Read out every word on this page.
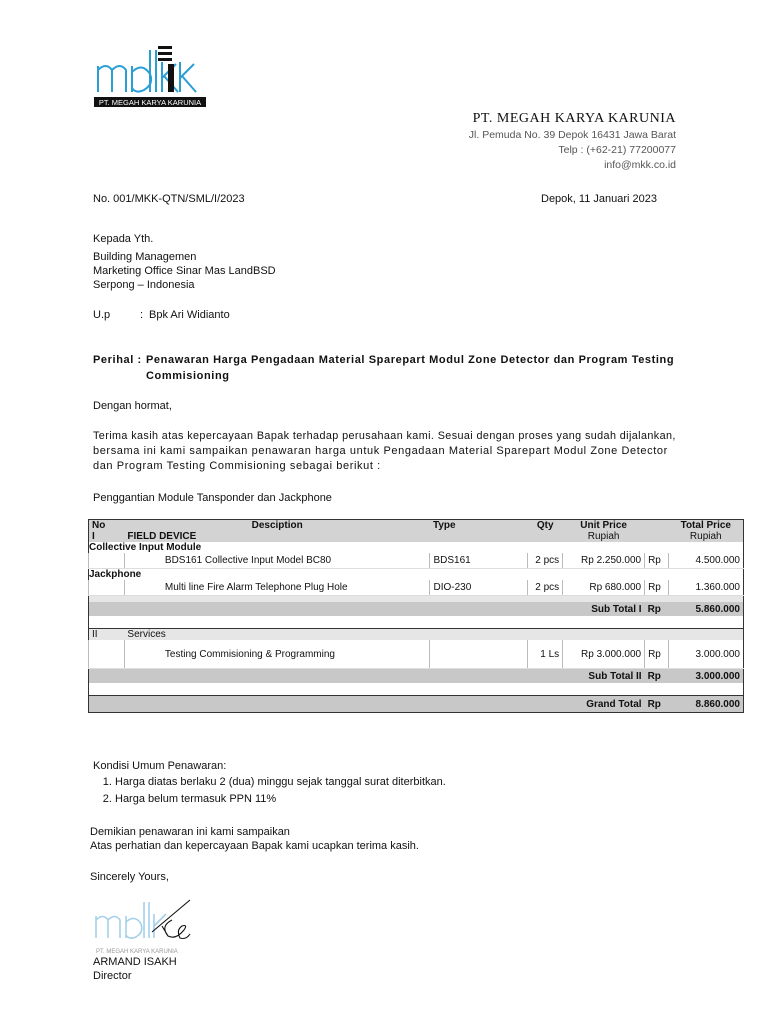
PT. MEGAH KARYA KARUNIA
PT. MEGAH KARYA KARUNIA
Jl. Pemuda No. 39 Depok 16431 Jawa Barat
Telp : (+62-21) 77200077
info@mkk.co.id
No. 001/MKK-QTN/SML/I/2023	Depok, 11 Januari 2023
Kepada Yth.
Building Managemen
Marketing Office Sinar Mas LandBSD
Serpong – Indonesia
U.p	: Bpk Ari Widianto
Perihal : Penawaran Harga Pengadaan Material Sparepart Modul Zone Detector dan Program Testing
Commisioning
Dengan hormat,
Terima kasih atas kepercayaan Bapak terhadap perusahaan kami. Sesuai dengan proses yang sudah dijalankan,
bersama ini kami sampaikan penawaran harga untuk Pengadaan Material Sparepart Modul Zone Detector
dan Program Testing Commisioning sebagai berikut :
Penggantian Module Tansponder dan Jackphone
No	Desciption	Type	Qty	Unit Price		Total Price
I	FIELD DEVICE			Rupiah		Rupiah
Collective Input Module						
	BDS161 Collective Input Model BC80	BDS161	2 pcs	Rp 2.250.000	Rp	4.500.000
Jackphone						
	Multi line Fire Alarm Telephone Plug Hole	DIO-230	2 pcs	Rp 680.000	Rp	1.360.000

				Sub Total I	Rp	5.860.000

II	Services					
	Testing Commisioning & Programming		1 Ls	Rp 3.000.000	Rp	3.000.000
				Sub Total II	Rp	3.000.000

				Grand Total	Rp	8.860.000
Kondisi Umum Penawaran:
1. Harga diatas berlaku 2 (dua) minggu sejak tanggal surat diterbitkan.
2. Harga belum termasuk PPN 11%
Demikian penawaran ini kami sampaikan
Atas perhatian dan kepercayaan Bapak kami ucapkan terima kasih.
Sincerely Yours,
PT. MEGAH KARYA KARUNIA
ARMAND ISAKH
Director
